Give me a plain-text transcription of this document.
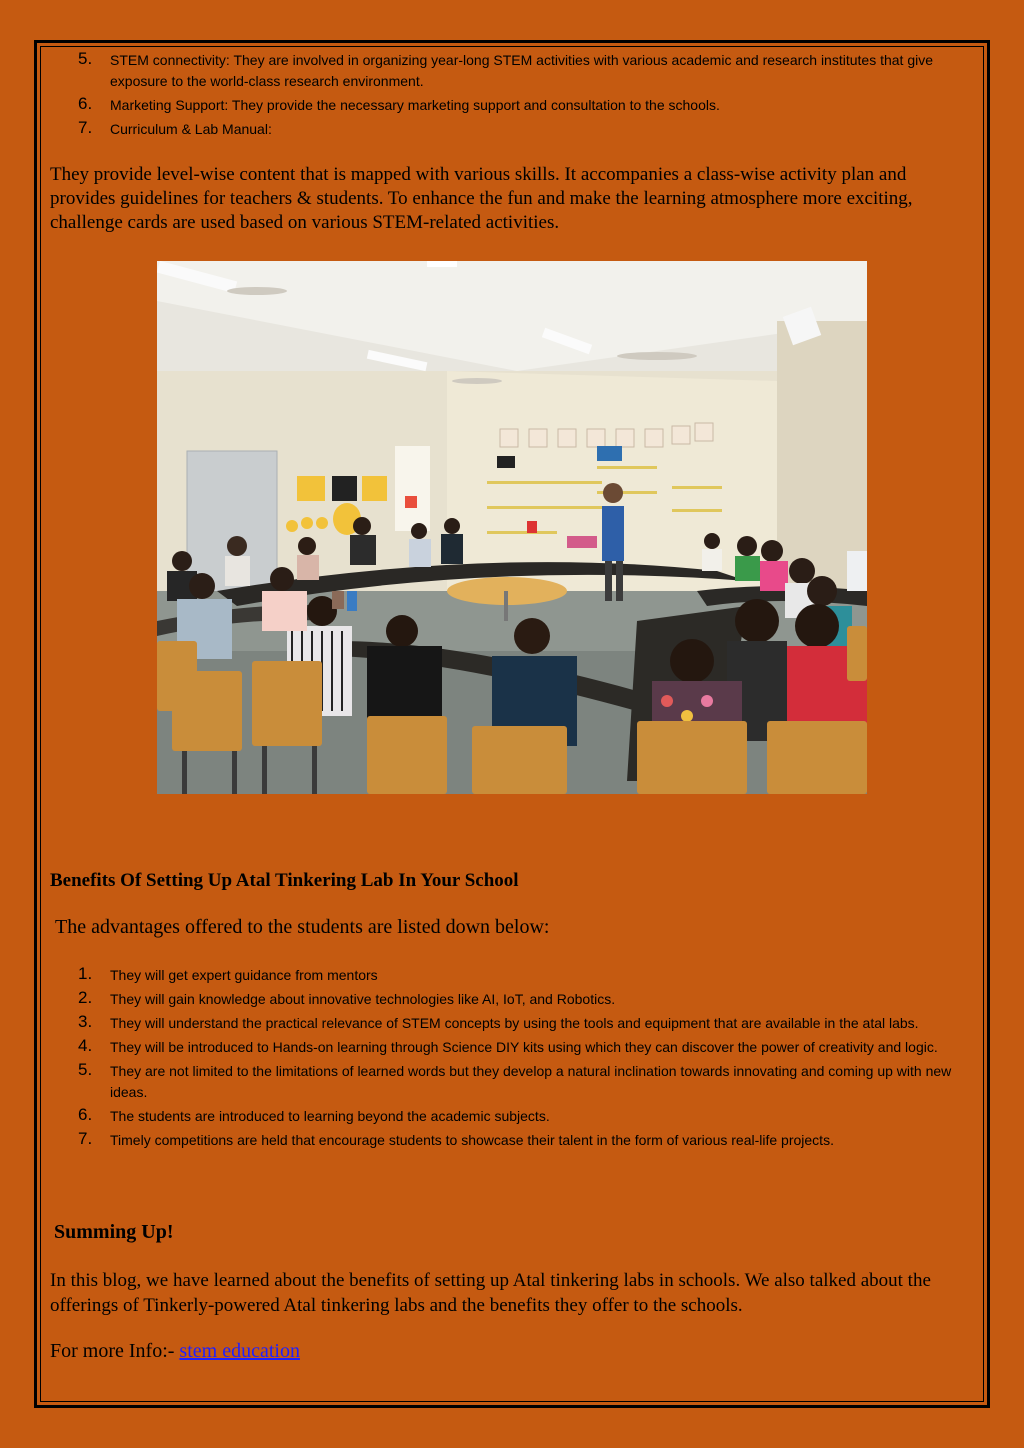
5. STEM connectivity: They are involved in organizing year-long STEM activities with various academic and research institutes that give exposure to the world-class research environment.
6. Marketing Support: They provide the necessary marketing support and consultation to the schools.
7. Curriculum & Lab Manual:

They provide level-wise content that is mapped with various skills. It accompanies a class-wise activity plan and provides guidelines for teachers & students. To enhance the fun and make the learning atmosphere more exciting, challenge cards are used based on various STEM-related activities.

Benefits Of Setting Up Atal Tinkering Lab In Your School
The advantages offered to the students are listed down below:
1. They will get expert guidance from mentors
2. They will gain knowledge about innovative technologies like AI, IoT, and Robotics.
3. They will understand the practical relevance of STEM concepts by using the tools and equipment that are available in the atal labs.
4. They will be introduced to Hands-on learning through Science DIY kits using which they can discover the power of creativity and logic.
5. They are not limited to the limitations of learned words but they develop a natural inclination towards innovating and coming up with new ideas.
6. The students are introduced to learning beyond the academic subjects.
7. Timely competitions are held that encourage students to showcase their talent in the form of various real-life projects.
Summing Up!

In this blog, we have learned about the benefits of setting up Atal tinkering labs in schools. We also talked about the offerings of Tinkerly-powered Atal tinkering labs and the benefits they offer to the schools.

For more Info:- stem education
